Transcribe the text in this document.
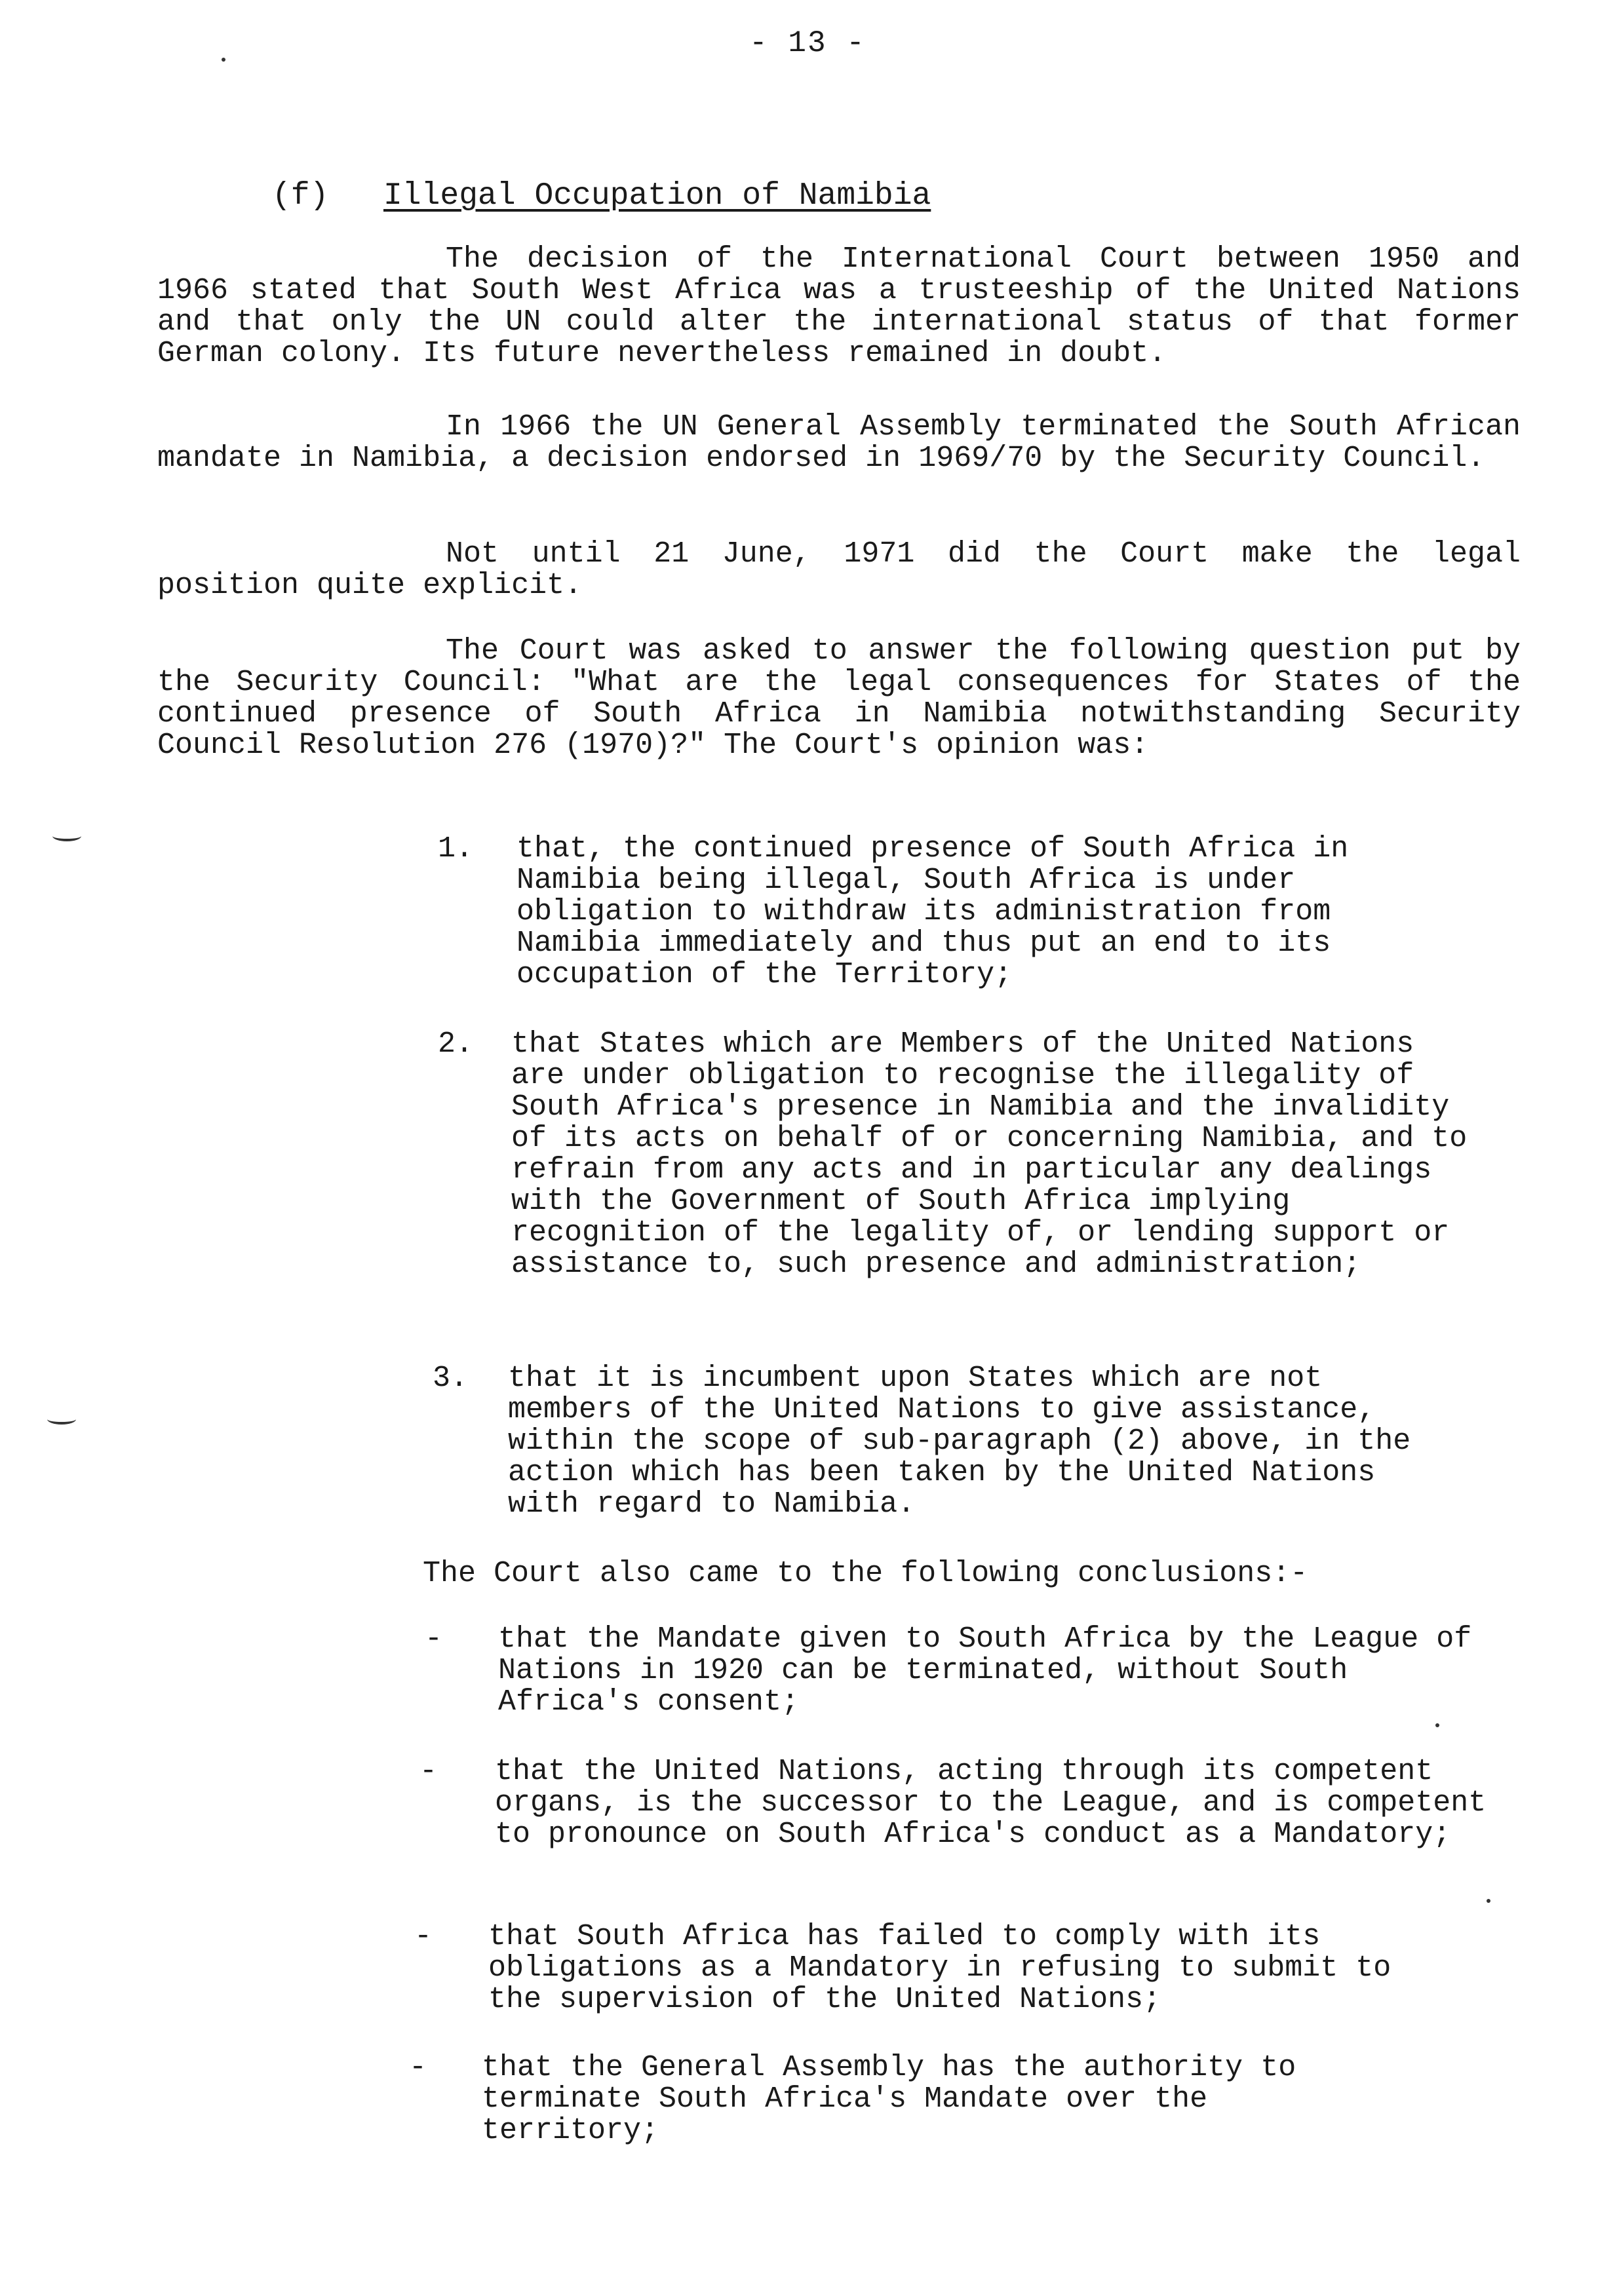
- 13 -
(f) Illegal Occupation of Namibia

The decision of the International Court between 1950 and 1966 stated that South West Africa was a trusteeship of the United Nations and that only the UN could alter the international status of that former German colony. Its future nevertheless remained in doubt.

In 1966 the UN General Assembly terminated the South African mandate in Namibia, a decision endorsed in 1969/70 by the Security Council.

Not until 21 June, 1971 did the Court make the legal position quite explicit.

The Court was asked to answer the following question put by the Security Council: "What are the legal consequences for States of the continued presence of South Africa in Namibia notwithstanding Security Council Resolution 276 (1970)?" The Court's opinion was:

1. that, the continued presence of South Africa in Namibia being illegal, South Africa is under obligation to withdraw its administration from Namibia immediately and thus put an end to its occupation of the Territory;

2. that States which are Members of the United Nations are under obligation to recognise the illegality of South Africa's presence in Namibia and the invalidity of its acts on behalf of or concerning Namibia, and to refrain from any acts and in particular any dealings with the Government of South Africa implying recognition of the legality of, or lending support or assistance to, such presence and administration;

3. that it is incumbent upon States which are not members of the United Nations to give assistance, within the scope of sub-paragraph (2) above, in the action which has been taken by the United Nations with regard to Namibia.

The Court also came to the following conclusions:-
- that the Mandate given to South Africa by the League of Nations in 1920 can be terminated, without South Africa's consent;

- that the United Nations, acting through its competent organs, is the successor to the League, and is competent to pronounce on South Africa's conduct as a Mandatory;

- that South Africa has failed to comply with its obligations as a Mandatory in refusing to submit to the supervision of the United Nations;

- that the General Assembly has the authority to terminate South Africa's Mandate over the territory;
